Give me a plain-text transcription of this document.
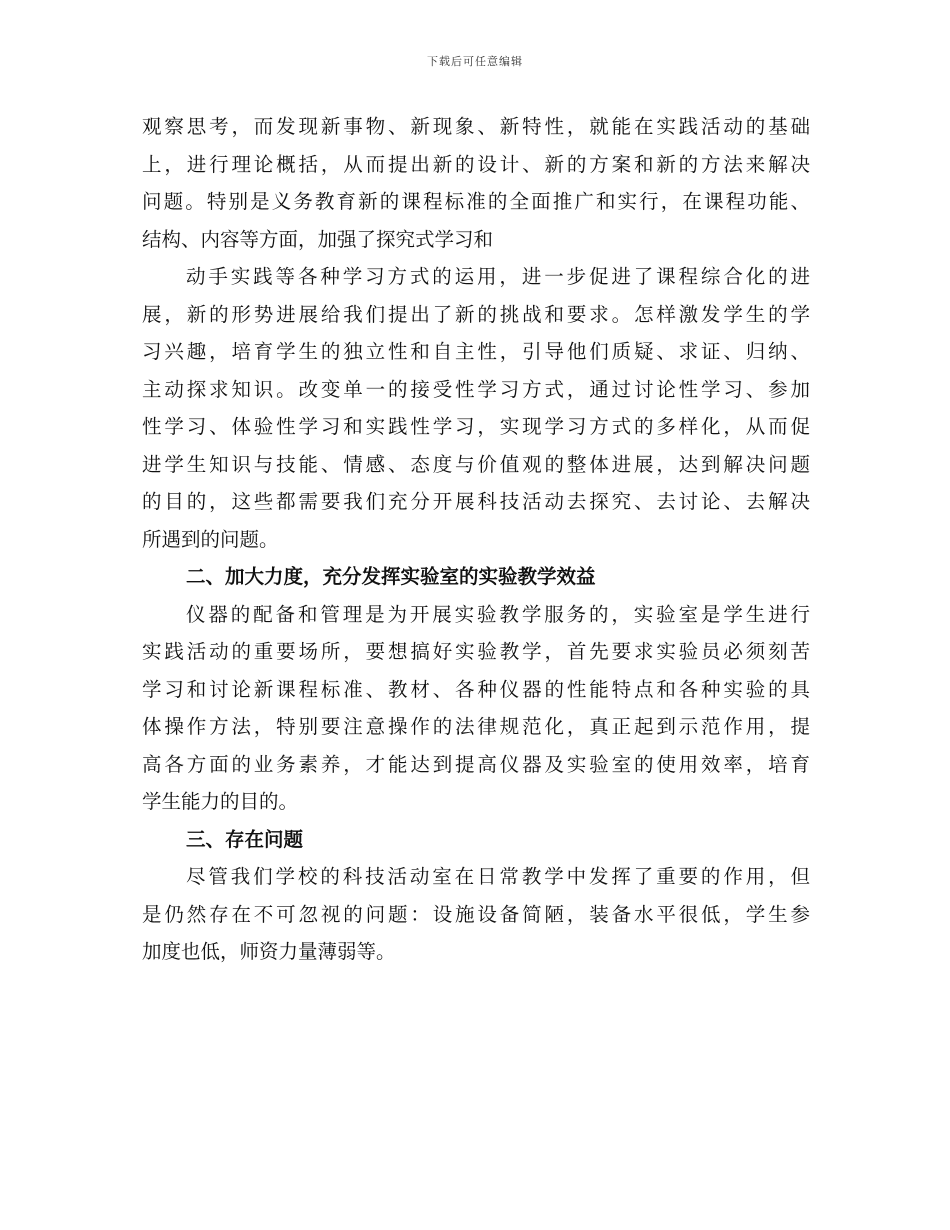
下载后可任意编辑
观察思考，而发现新事物、新现象、新特性，就能在实践活动的基础
上，进行理论概括，从而提出新的设计、新的方案和新的方法来解决
问题。特别是义务教育新的课程标准的全面推广和实行，在课程功能、
结构、内容等方面，加强了探究式学习和
动手实践等各种学习方式的运用，进一步促进了课程综合化的进
展，新的形势进展给我们提出了新的挑战和要求。怎样激发学生的学
习兴趣，培育学生的独立性和自主性，引导他们质疑、求证、归纳、
主动探求知识。改变单一的接受性学习方式，通过讨论性学习、参加
性学习、体验性学习和实践性学习，实现学习方式的多样化，从而促
进学生知识与技能、情感、态度与价值观的整体进展，达到解决问题
的目的，这些都需要我们充分开展科技活动去探究、去讨论、去解决
所遇到的问题。
二、加大力度，充分发挥实验室的实验教学效益
仪器的配备和管理是为开展实验教学服务的，实验室是学生进行
实践活动的重要场所，要想搞好实验教学，首先要求实验员必须刻苦
学习和讨论新课程标准、教材、各种仪器的性能特点和各种实验的具
体操作方法，特别要注意操作的法律规范化，真正起到示范作用，提
高各方面的业务素养，才能达到提高仪器及实验室的使用效率，培育
学生能力的目的。
三、存在问题
尽管我们学校的科技活动室在日常教学中发挥了重要的作用，但
是仍然存在不可忽视的问题：设施设备简陋，装备水平很低，学生参
加度也低，师资力量薄弱等。
